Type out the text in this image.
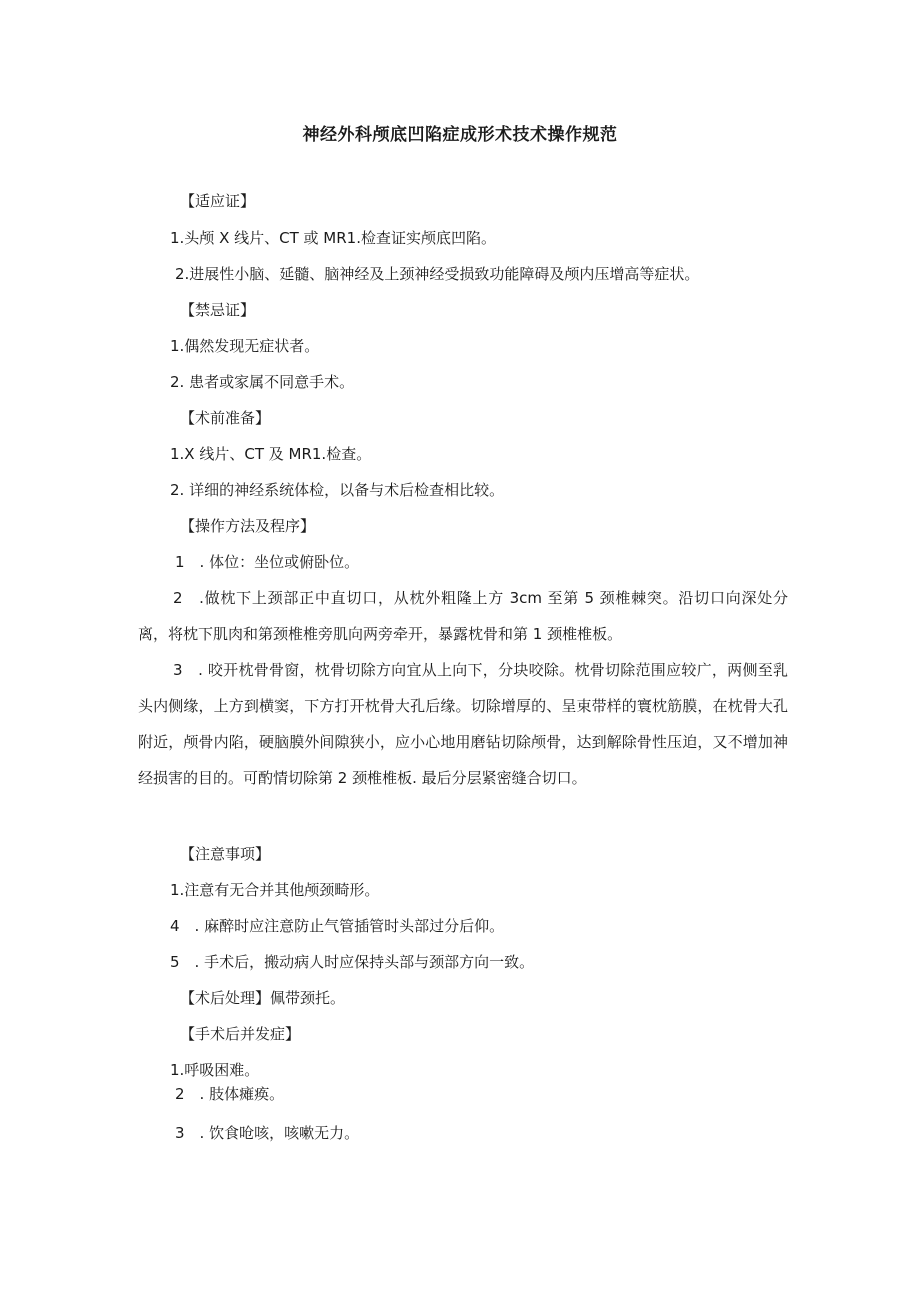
神经外科颅底凹陷症成形术技术操作规范
【适应证】
1.头颅 X 线片、CT 或 MR1.检查证实颅底凹陷。
2.进展性小脑、延髓、脑神经及上颈神经受损致功能障碍及颅内压增高等症状。
【禁忌证】
1.偶然发现无症状者。
2. 患者或家属不同意手术。
【术前准备】
1.X 线片、CT 及 MR1.检查。
2. 详细的神经系统体检，以备与术后检查相比较。
【操作方法及程序】
1　. 体位：坐位或俯卧位。
2　.做枕下上颈部正中直切口，从枕外粗隆上方 3cm 至第 5 颈椎棘突。沿切口向深处分离，将枕下肌肉和第颈椎椎旁肌向两旁牵开，暴露枕骨和第 1 颈椎椎板。
3　. 咬开枕骨骨窗，枕骨切除方向宜从上向下，分块咬除。枕骨切除范围应较广，两侧至乳头内侧缘，上方到横窦，下方打开枕骨大孔后缘。切除增厚的、呈束带样的寰枕筋膜，在枕骨大孔附近，颅骨内陷，硬脑膜外间隙狭小，应小心地用磨钻切除颅骨，达到解除骨性压迫，又不增加神经损害的目的。可酌情切除第 2 颈椎椎板. 最后分层紧密缝合切口。
【注意事项】
1.注意有无合并其他颅颈畸形。
4　. 麻醉时应注意防止气管插管时头部过分后仰。
5　. 手术后，搬动病人时应保持头部与颈部方向一致。
【术后处理】佩带颈托。
【手术后并发症】
1.呼吸困难。
2　. 肢体瘫痪。
3　. 饮食呛咳，咳嗽无力。
